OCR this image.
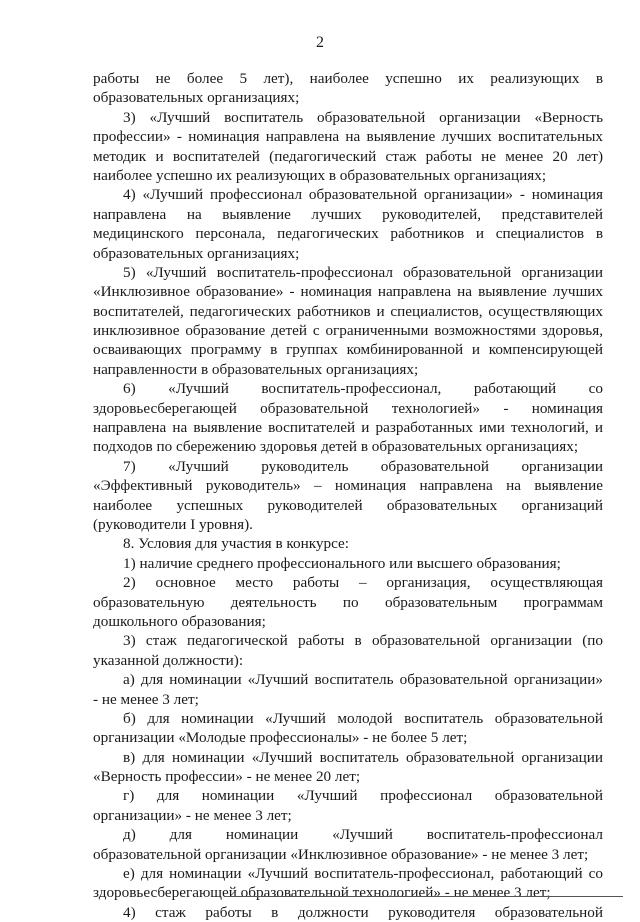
2
работы не более 5 лет), наиболее успешно их реализующих в
образовательных организациях;
3) «Лучший воспитатель образовательной организации «Верность
профессии» - номинация направлена на выявление лучших воспитательных
методик и воспитателей (педагогический стаж работы не менее 20 лет)
наиболее успешно их реализующих в образовательных организациях;
4) «Лучший профессионал образовательной организации» - номинация
направлена на выявление лучших руководителей, представителей
медицинского персонала, педагогических работников и специалистов в
образовательных организациях;
5) «Лучший воспитатель-профессионал образовательной организации
«Инклюзивное образование» - номинация направлена на выявление лучших
воспитателей, педагогических работников и специалистов, осуществляющих
инклюзивное образование детей с ограниченными возможностями здоровья,
осваивающих программу в группах комбинированной и компенсирующей
направленности в образовательных организациях;
6) «Лучший воспитатель-профессионал, работающий со
здоровьесберегающей образовательной технологией» - номинация
направлена на выявление воспитателей и разработанных ими технологий, и
подходов по сбережению здоровья детей в образовательных организациях;
7) «Лучший руководитель образовательной организации
«Эффективный руководитель» – номинация направлена на выявление
наиболее успешных руководителей образовательных организаций
(руководители I уровня).
8. Условия для участия в конкурсе:
1) наличие среднего профессионального или высшего образования;
2) основное место работы – организация, осуществляющая
образовательную деятельность по образовательным программам
дошкольного образования;
3) стаж педагогической работы в образовательной организации (по
указанной должности):
а) для номинации «Лучший воспитатель образовательной организации»
- не менее 3 лет;
б) для номинации «Лучший молодой воспитатель образовательной
организации «Молодые профессионалы» - не более 5 лет;
в) для номинации «Лучший воспитатель образовательной организации
«Верность профессии» - не менее 20 лет;
г) для номинации «Лучший профессионал образовательной
организации» - не менее 3 лет;
д) для номинации «Лучший воспитатель-профессионал
образовательной организации «Инклюзивное образование» - не менее 3 лет;
е) для номинации «Лучший воспитатель-профессионал, работающий со
здоровьесберегающей образовательной технологией» - не менее 3 лет;
4) стаж работы в должности руководителя образовательной
